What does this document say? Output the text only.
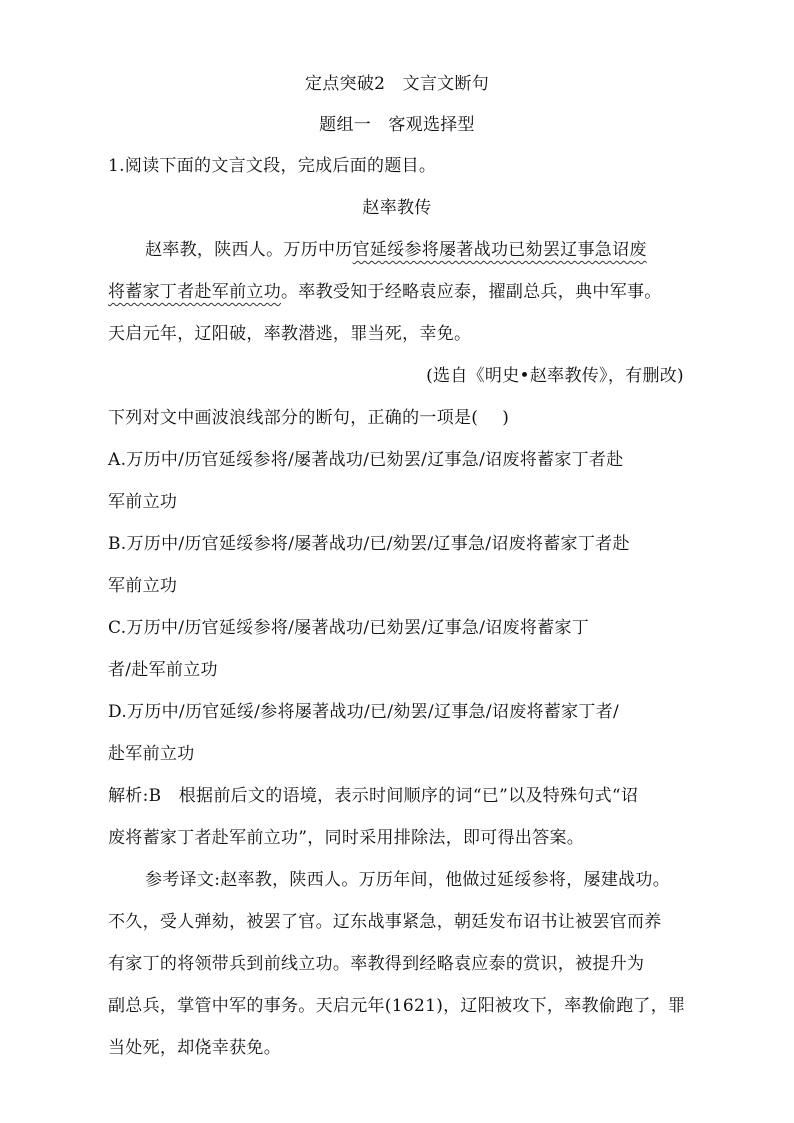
定点突破2　文言文断句
题组一　客观选择型
1.阅读下面的文言文段，完成后面的题目。
赵率教传
赵率教，陕西人。万历中历官延绥参将屡著战功已劾罢辽事急诏废
将蓄家丁者赴军前立功。率教受知于经略袁应泰，擢副总兵，典中军事。
天启元年，辽阳破，率教潜逃，罪当死，幸免。
(选自《明史•赵率教传》，有删改)
下列对文中画波浪线部分的断句，正确的一项是( )
A.万历中/历官延绥参将/屡著战功/已劾罢/辽事急/诏废将蓄家丁者赴
军前立功
B.万历中/历官延绥参将/屡著战功/已/劾罢/辽事急/诏废将蓄家丁者赴
军前立功
C.万历中/历官延绥参将/屡著战功/已劾罢/辽事急/诏废将蓄家丁
者/赴军前立功
D.万历中/历官延绥/参将屡著战功/已/劾罢/辽事急/诏废将蓄家丁者/
赴军前立功
解析:B　根据前后文的语境，表示时间顺序的词“已”以及特殊句式“诏
废将蓄家丁者赴军前立功”，同时采用排除法，即可得出答案。
参考译文:赵率教，陕西人。万历年间，他做过延绥参将，屡建战功。
不久，受人弹劾，被罢了官。辽东战事紧急，朝廷发布诏书让被罢官而养
有家丁的将领带兵到前线立功。率教得到经略袁应泰的赏识，被提升为
副总兵，掌管中军的事务。天启元年(1621)，辽阳被攻下，率教偷跑了，罪
当处死，却侥幸获免。
